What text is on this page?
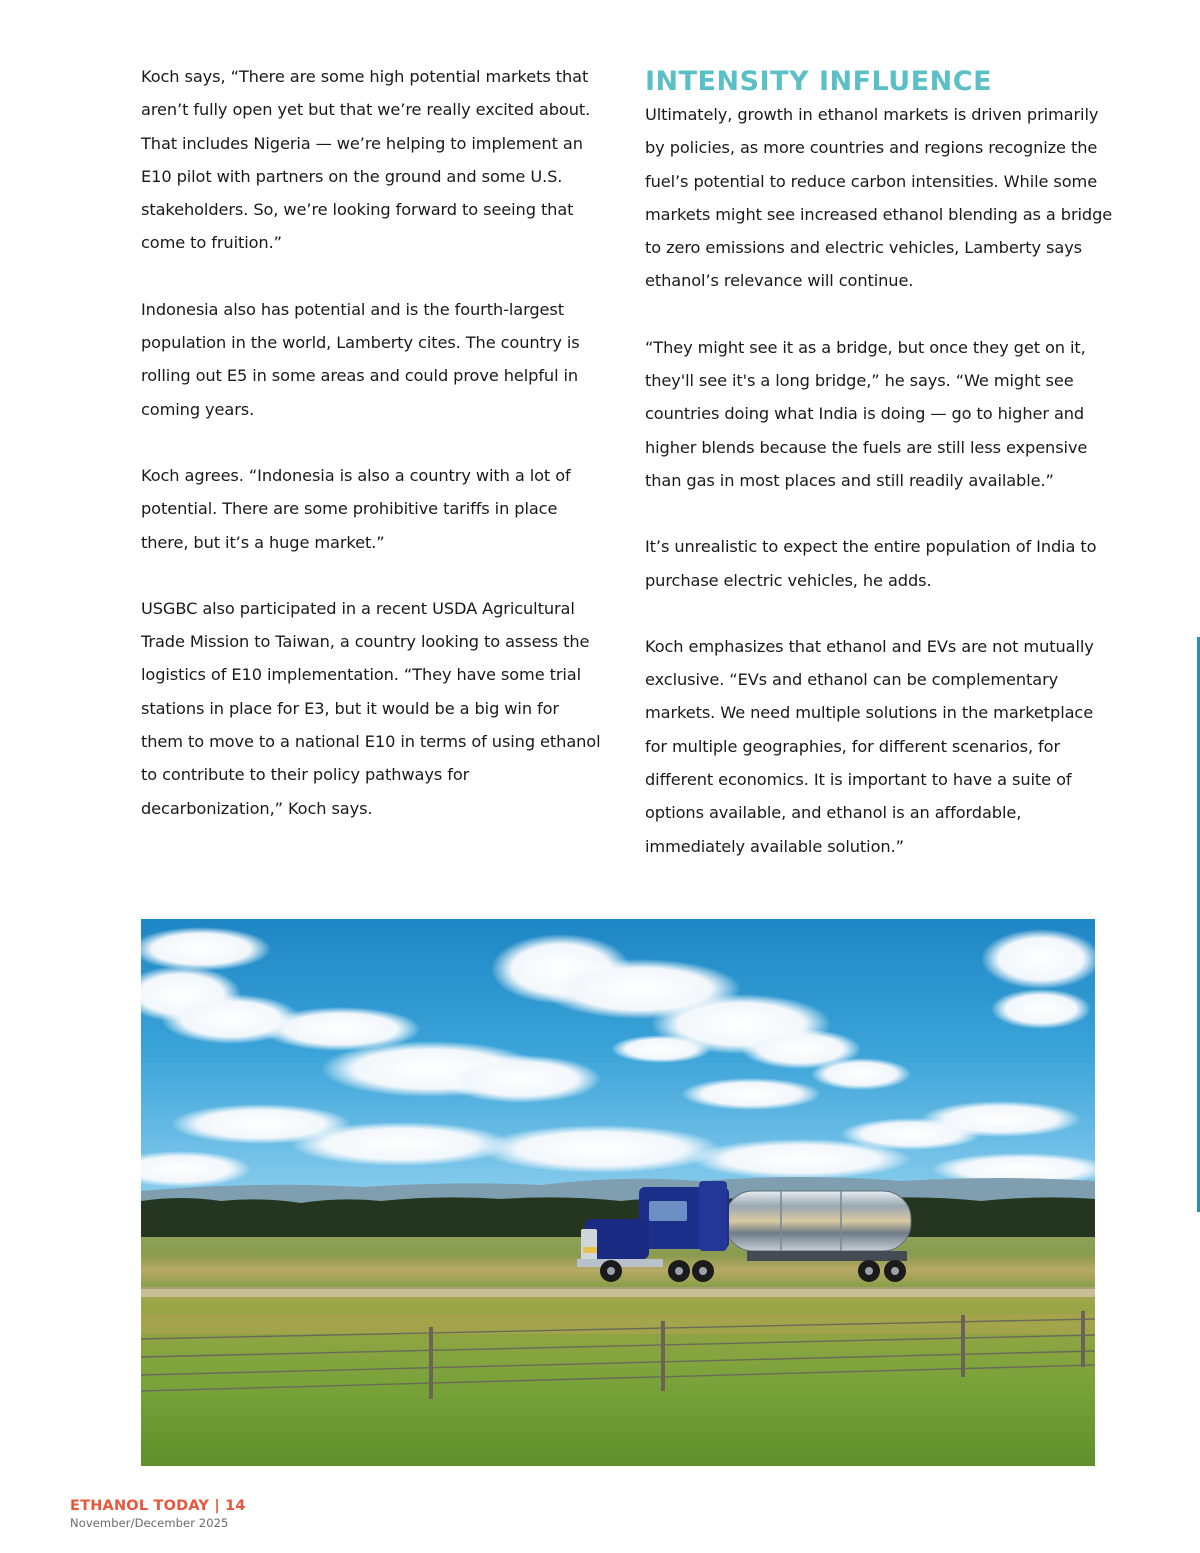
Koch says, “There are some high potential markets that aren’t fully open yet but that we’re really excited about. That includes Nigeria — we’re helping to implement an E10 pilot with partners on the ground and some U.S. stakeholders. So, we’re looking forward to seeing that come to fruition.”

Indonesia also has potential and is the fourth-largest population in the world, Lamberty cites. The country is rolling out E5 in some areas and could prove helpful in coming years.

Koch agrees. “Indonesia is also a country with a lot of potential. There are some prohibitive tariffs in place there, but it’s a huge market.”

USGBC also participated in a recent USDA Agricultural Trade Mission to Taiwan, a country looking to assess the logistics of E10 implementation. “They have some trial stations in place for E3, but it would be a big win for them to move to a national E10 in terms of using ethanol to contribute to their policy pathways for decarbonization,” Koch says.

INTENSITY INFLUENCE

Ultimately, growth in ethanol markets is driven primarily by policies, as more countries and regions recognize the fuel’s potential to reduce carbon intensities. While some markets might see increased ethanol blending as a bridge to zero emissions and electric vehicles, Lamberty says ethanol’s relevance will continue.

“They might see it as a bridge, but once they get on it, they'll see it's a long bridge,” he says. “We might see countries doing what India is doing — go to higher and higher blends because the fuels are still less expensive than gas in most places and still readily available.”

It’s unrealistic to expect the entire population of India to purchase electric vehicles, he adds.

Koch emphasizes that ethanol and EVs are not mutually exclusive. “EVs and ethanol can be complementary markets. We need multiple solutions in the marketplace for multiple geographies, for different scenarios, for different economics. It is important to have a suite of options available, and ethanol is an affordable, immediately available solution.”

ETHANOL TODAY | 14
November/December 2025
